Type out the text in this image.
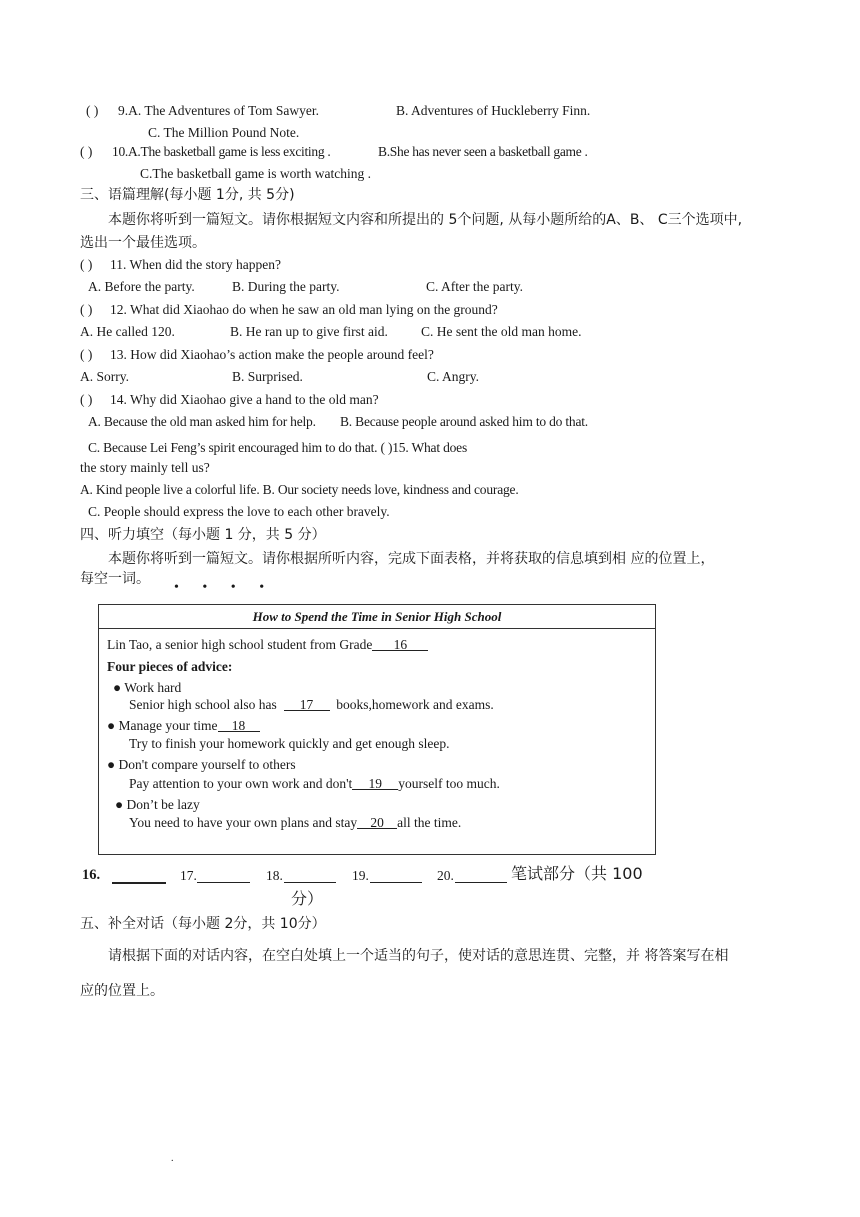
( ) 9.A. The Adventures of Tom Sawyer.	B. Adventures of Huckleberry Finn.
C. The Million Pound Note.
( ) 10.A.The basketball game is less exciting .	B.She has never seen a basketball game .
C.The basketball game is worth watching .
三、语篇理解(每小题 1分, 共 5分)
本题你将听到一篇短文。请你根据短文内容和所提出的 5个问题, 从每小题所给的A、B、 C三个选项中,
选出一个最佳选项。
( ) 11. When did the story happen?
A. Before the party.	B. During the party.	C. After the party.
( ) 12. What did Xiaohao do when he saw an old man lying on the ground?
A. He called 120.	B. He ran up to give first aid. C. He sent the old man home.
( ) 13. How did Xiaohao’s action make the people around feel?
A. Sorry.	B. Surprised.	C. Angry.
( ) 14. Why did Xiaohao give a hand to the old man?
A. Because the old man asked him for help. B. Because people around asked him to do that.
C. Because Lei Feng’s spirit encouraged him to do that. ( )15. What does
the story mainly tell us?
A. Kind people live a colorful life. B. Our society needs love, kindness and courage.
C. People should express the love to each other bravely.
四、听力填空（每小题 1 分，共 5 分）
本题你将听到一篇短文。请你根据所听内容，完成下面表格，并将获取的信息填到相 应的位置上，
每空一词。
• • • •
How to Spend the Time in Senior High School
Lin Tao, a senior high school student from Grade 16
Four pieces of advice:
● Work hard
Senior high school also has 17 books,homework and exams.
● Manage your time 18
Try to finish your homework quickly and get enough sleep.
● Don't compare yourself to others
Pay attention to your own work and don't 19 yourself too much.
● Don’t be lazy
You need to have your own plans and stay 20 all the time.
16.	17.	18.	19.	20.	笔试部分（共 100
分）
五、补全对话（每小题 2分，共 10分）
请根据下面的对话内容，在空白处填上一个适当的句子，使对话的意思连贯、完整，并 将答案写在相
应的位置上。
.
